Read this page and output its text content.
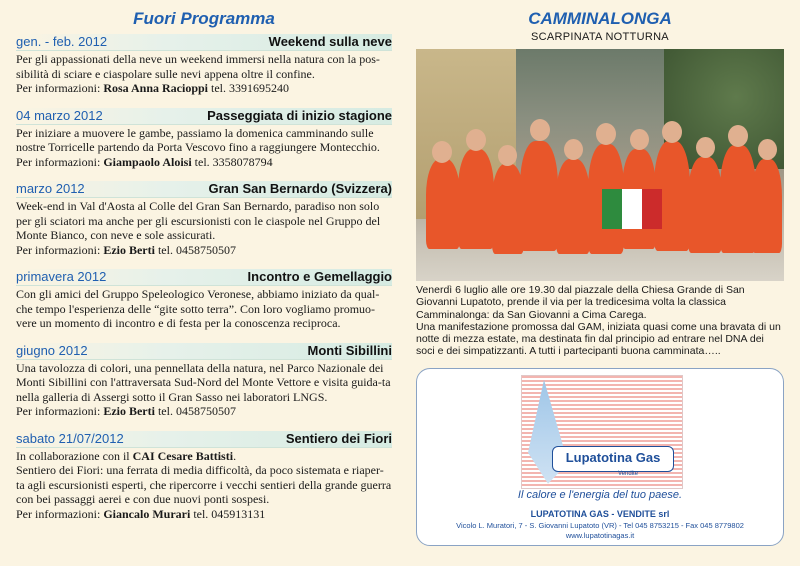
Fuori Programma
gen. - feb. 2012	Weekend sulla neve
Per gli appassionati della neve un weekend immersi nella natura con la pos-sibilità di sciare e ciaspolare sulle nevi appena oltre il confine.
Per informazioni: Rosa Anna Racioppi tel. 3391695240
04 marzo 2012	Passeggiata di inizio stagione
Per iniziare a muovere le gambe, passiamo la domenica camminando sulle nostre Torricelle partendo da Porta Vescovo fino a raggiungere Montecchio.
Per informazioni: Giampaolo Aloisi tel. 3358078794
marzo 2012	Gran San Bernardo (Svizzera)
Week-end in Val d'Aosta al Colle del Gran San Bernardo, paradiso non solo per gli sciatori ma anche per gli escursionisti con le ciaspole nel Gruppo del Monte Bianco, con neve e sole assicurati.
Per informazioni: Ezio Berti tel. 0458750507
primavera 2012	Incontro e Gemellaggio
Con gli amici del Gruppo Speleologico Veronese, abbiamo iniziato da qual-che tempo l'esperienza delle “gite sotto terra”. Con loro vogliamo promuo-vere un momento di incontro e di festa per la conoscenza reciproca.
giugno 2012	Monti Sibillini
Una tavolozza di colori, una pennellata della natura, nel Parco Nazionale dei Monti Sibillini con l'attraversata Sud-Nord del Monte Vettore e visita guida-ta nella galleria di Assergi sotto il Gran Sasso nei laboratori LNGS.
Per informazioni: Ezio Berti tel. 0458750507
sabato 21/07/2012	Sentiero dei Fiori
In collaborazione con il CAI Cesare Battisti.
Sentiero dei Fiori: una ferrata di media difficoltà, da poco sistemata e riaper-ta agli escursionisti esperti, che ripercorre i vecchi sentieri della grande guerra con bei passaggi aerei e con due nuovi ponti sospesi.
Per informazioni: Giancalo Murari tel. 045913131
CAMMINALONGA
SCARPINATA NOTTURNA
Venerdì 6 luglio alle ore 19.30 dal piazzale della Chiesa Grande di San Giovanni Lupatoto, prende il via per la tredicesima volta la classica Camminalonga: da San Giovanni a Cima Carega.
Una manifestazione promossa dal GAM, iniziata quasi come una bravata di un notte di mezza estate, ma destinata fin dal principio ad entrare nel DNA dei soci e dei simpatizzanti. A tutti i partecipanti buona camminata…..
Lupatotina Gas
Vendite
Il calore e l'energia del tuo paese.
LUPATOTINA GAS - VENDITE srl
Vicolo L. Muratori, 7 - S. Giovanni Lupatoto (VR) - Tel 045 8753215 - Fax 045 8779802
www.lupatotinagas.it
